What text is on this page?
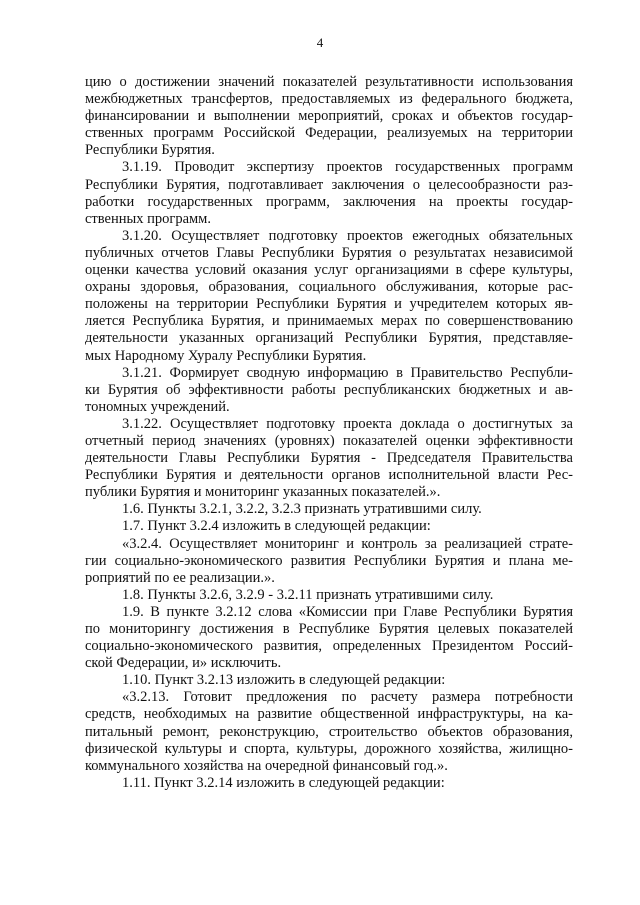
4
цию о достижении значений показателей результативности использования
межбюджетных трансфертов, предоставляемых из федерального бюджета,
финансировании и выполнении мероприятий, сроках и объектов государ-
ственных программ Российской Федерации, реализуемых на территории
Республики Бурятия.
3.1.19. Проводит экспертизу проектов государственных программ
Республики Бурятия, подготавливает заключения о целесообразности раз-
работки государственных программ, заключения на проекты государ-
ственных программ.
3.1.20. Осуществляет подготовку проектов ежегодных обязательных
публичных отчетов Главы Республики Бурятия о результатах независимой
оценки качества условий оказания услуг организациями в сфере культуры,
охраны здоровья, образования, социального обслуживания, которые рас-
положены на территории Республики Бурятия и учредителем которых яв-
ляется Республика Бурятия, и принимаемых мерах по совершенствованию
деятельности указанных организаций Республики Бурятия, представляе-
мых Народному Хуралу Республики Бурятия.
3.1.21. Формирует сводную информацию в Правительство Республи-
ки Бурятия об эффективности работы республиканских бюджетных и ав-
тономных учреждений.
3.1.22. Осуществляет подготовку проекта доклада о достигнутых за
отчетный период значениях (уровнях) показателей оценки эффективности
деятельности Главы Республики Бурятия - Председателя Правительства
Республики Бурятия и деятельности органов исполнительной власти Рес-
публики Бурятия и мониторинг указанных показателей.».
1.6. Пункты 3.2.1, 3.2.2, 3.2.3 признать утратившими силу.
1.7. Пункт 3.2.4 изложить в следующей редакции:
«3.2.4. Осуществляет мониторинг и контроль за реализацией страте-
гии социально-экономического развития Республики Бурятия и плана ме-
роприятий по ее реализации.».
1.8. Пункты 3.2.6, 3.2.9 - 3.2.11 признать утратившими силу.
1.9. В пункте 3.2.12 слова «Комиссии при Главе Республики Бурятия
по мониторингу достижения в Республике Бурятия целевых показателей
социально-экономического развития, определенных Президентом Россий-
ской Федерации, и» исключить.
1.10. Пункт 3.2.13 изложить в следующей редакции:
«3.2.13. Готовит предложения по расчету размера потребности
средств, необходимых на развитие общественной инфраструктуры, на ка-
питальный ремонт, реконструкцию, строительство объектов образования,
физической культуры и спорта, культуры, дорожного хозяйства, жилищно-
коммунального хозяйства на очередной финансовый год.».
1.11. Пункт 3.2.14 изложить в следующей редакции:
